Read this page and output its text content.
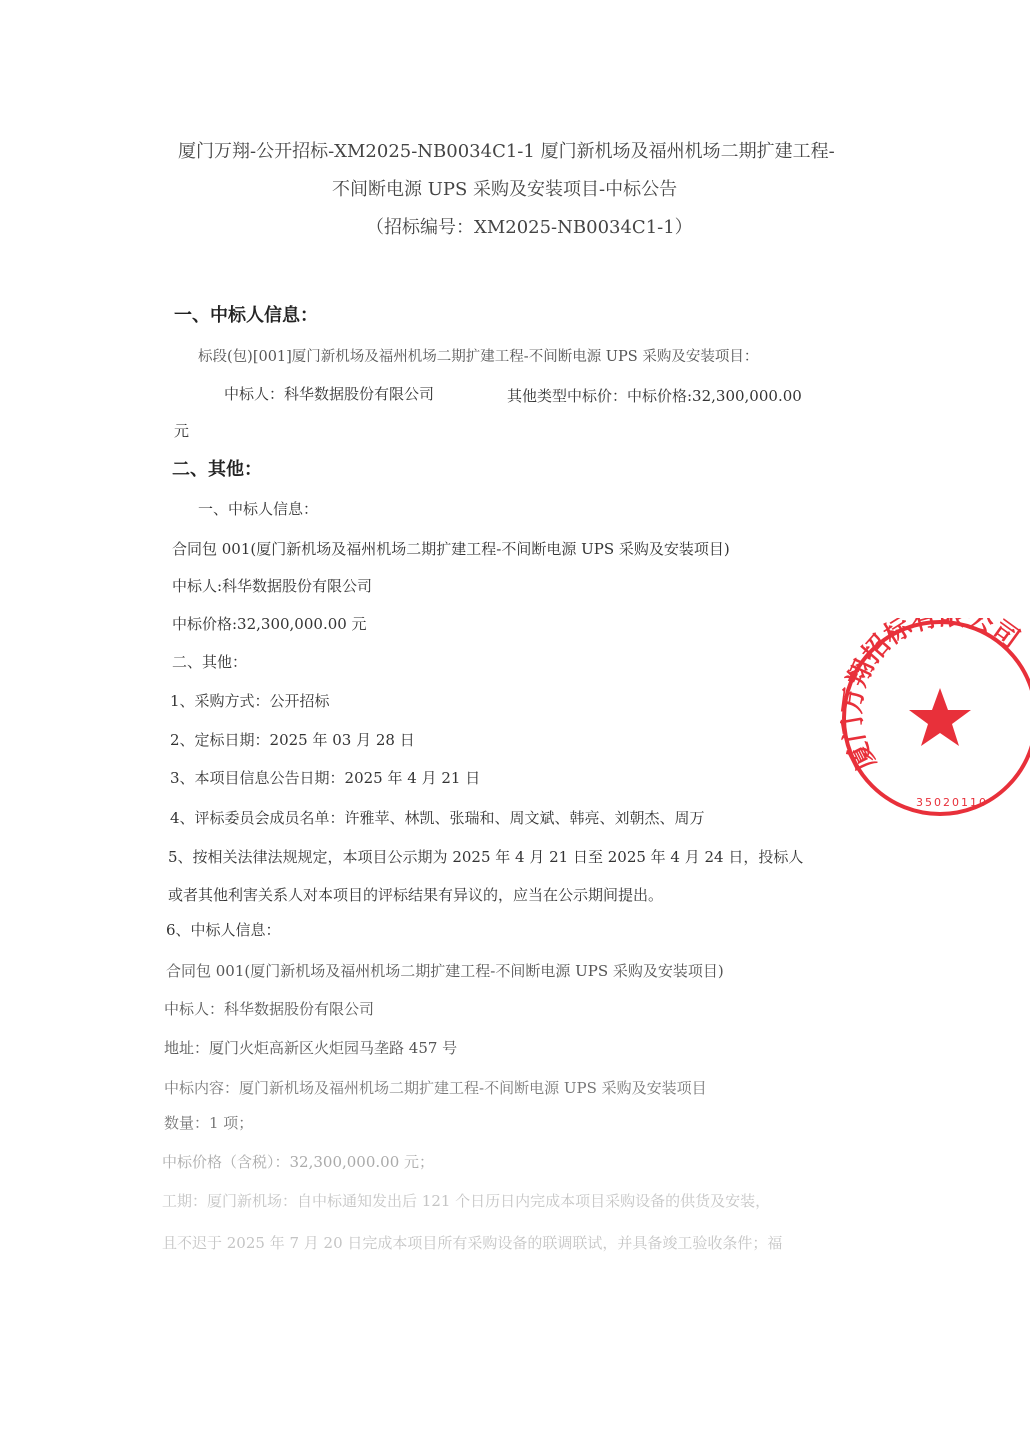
厦门万翔-公开招标-XM2025-NB0034C1-1 厦门新机场及福州机场二期扩建工程-
不间断电源 UPS 采购及安装项目-中标公告
（招标编号：XM2025-NB0034C1-1）
一、中标人信息：
标段(包)[001]厦门新机场及福州机场二期扩建工程-不间断电源 UPS 采购及安装项目：
中标人：科华数据股份有限公司	其他类型中标价：中标价格:32,300,000.00
元
二、其他：
一、中标人信息：
合同包 001(厦门新机场及福州机场二期扩建工程-不间断电源 UPS 采购及安装项目)
中标人:科华数据股份有限公司
中标价格:32,300,000.00 元
二、其他：
1、采购方式：公开招标
2、定标日期：2025 年 03 月 28 日
3、本项目信息公告日期：2025 年 4 月 21 日
4、评标委员会成员名单：许雅苹、林凯、张瑞和、周文斌、韩亮、刘朝杰、周万
5、按相关法律法规规定，本项目公示期为 2025 年 4 月 21 日至 2025 年 4 月 24 日，投标人
或者其他利害关系人对本项目的评标结果有异议的，应当在公示期间提出。
6、中标人信息：
合同包 001(厦门新机场及福州机场二期扩建工程-不间断电源 UPS 采购及安装项目)
中标人：科华数据股份有限公司
地址：厦门火炬高新区火炬园马垄路 457 号
中标内容：厦门新机场及福州机场二期扩建工程-不间断电源 UPS 采购及安装项目
数量：1 项；
中标价格（含税）：32,300,000.00 元；
工期：厦门新机场：自中标通知发出后 121 个日历日内完成本项目采购设备的供货及安装，
且不迟于 2025 年 7 月 20 日完成本项目所有采购设备的联调联试，并具备竣工验收条件；福
厦门万翔招标有 公司
35020110
